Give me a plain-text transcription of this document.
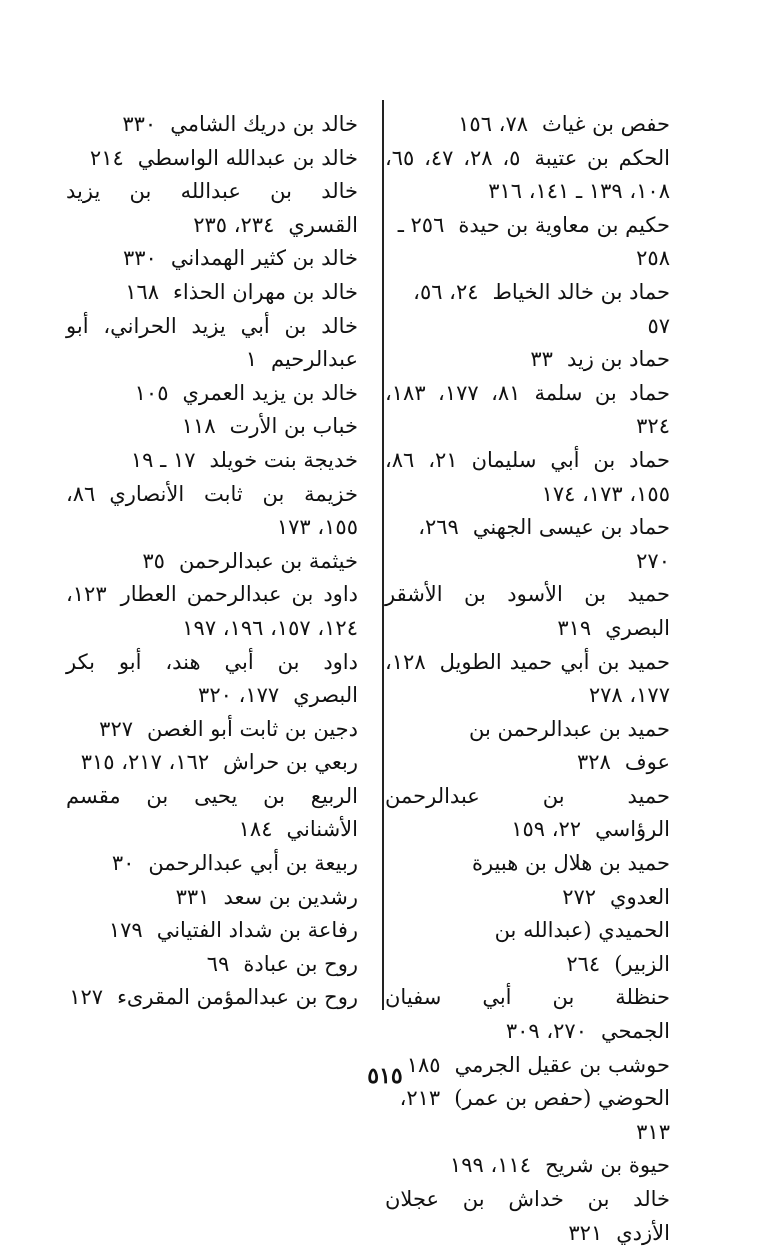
حفص بن غياث٧٨، ١٥٦
الحكم بن عتيبة٥، ٢٨، ٤٧، ٦٥، ١٠٨، ١٣٩ ـ ١٤١، ٣١٦
حكيم بن معاوية بن حيدة٢٥٦ ـ ٢٥٨
حماد بن خالد الخياط٢٤، ٥٦، ٥٧
حماد بن زيد٣٣
حماد بن سلمة٨١، ١٧٧، ١٨٣، ٣٢٤
حماد بن أبي سليمان٢١، ٨٦، ١٥٥، ١٧٣، ١٧٤
حماد بن عيسى الجهني٢٦٩، ٢٧٠
حميد بن الأسود بن الأشقر البصري٣١٩
حميد بن أبي حميد الطويل١٢٨، ١٧٧، ٢٧٨
حميد بن عبدالرحمن بن عوف٣٢٨
حميد بن عبدالرحمن الرؤاسي٢٢، ١٥٩
حميد بن هلال بن هبيرة العدوي٢٧٢
الحميدي (عبدالله بن الزبير)٢٦٤
حنظلة بن أبي سفيان الجمحي٢٧٠، ٣٠٩
حوشب بن عقيل الجرمي١٨٥
الحوضي (حفص بن عمر)٢١٣، ٣١٣
حيوة بن شريح١١٤، ١٩٩
خالد بن خداش بن عجلان الأزدي٣٢١
خالد بن دريك الشامي٣٣٠
خالد بن عبدالله الواسطي٢١٤
خالد بن عبدالله بن يزيد القسري٢٣٤، ٢٣٥
خالد بن كثير الهمداني٣٣٠
خالد بن مهران الحذاء١٦٨
خالد بن أبي يزيد الحراني، أبو عبدالرحيم١
خالد بن يزيد العمري١٠٥
خباب بن الأرت١١٨
خديجة بنت خويلد١٧ ـ ١٩
خزيمة بن ثابت الأنصاري٨٦، ١٥٥، ١٧٣
خيثمة بن عبدالرحمن٣٥
داود بن عبدالرحمن العطار١٢٣، ١٢٤، ١٥٧، ١٩٦، ١٩٧
داود بن أبي هند، أبو بكر البصري١٧٧، ٣٢٠
دجين بن ثابت أبو الغصن٣٢٧
ربعي بن حراش١٦٢، ٢١٧، ٣١٥
الربيع بن يحيى بن مقسم الأشناني١٨٤
ربيعة بن أبي عبدالرحمن٣٠
رشدين بن سعد٣٣١
رفاعة بن شداد الفتياني١٧٩
روح بن عبادة٦٩
روح بن عبدالمؤمن المقرىء١٢٧
٥١٥
